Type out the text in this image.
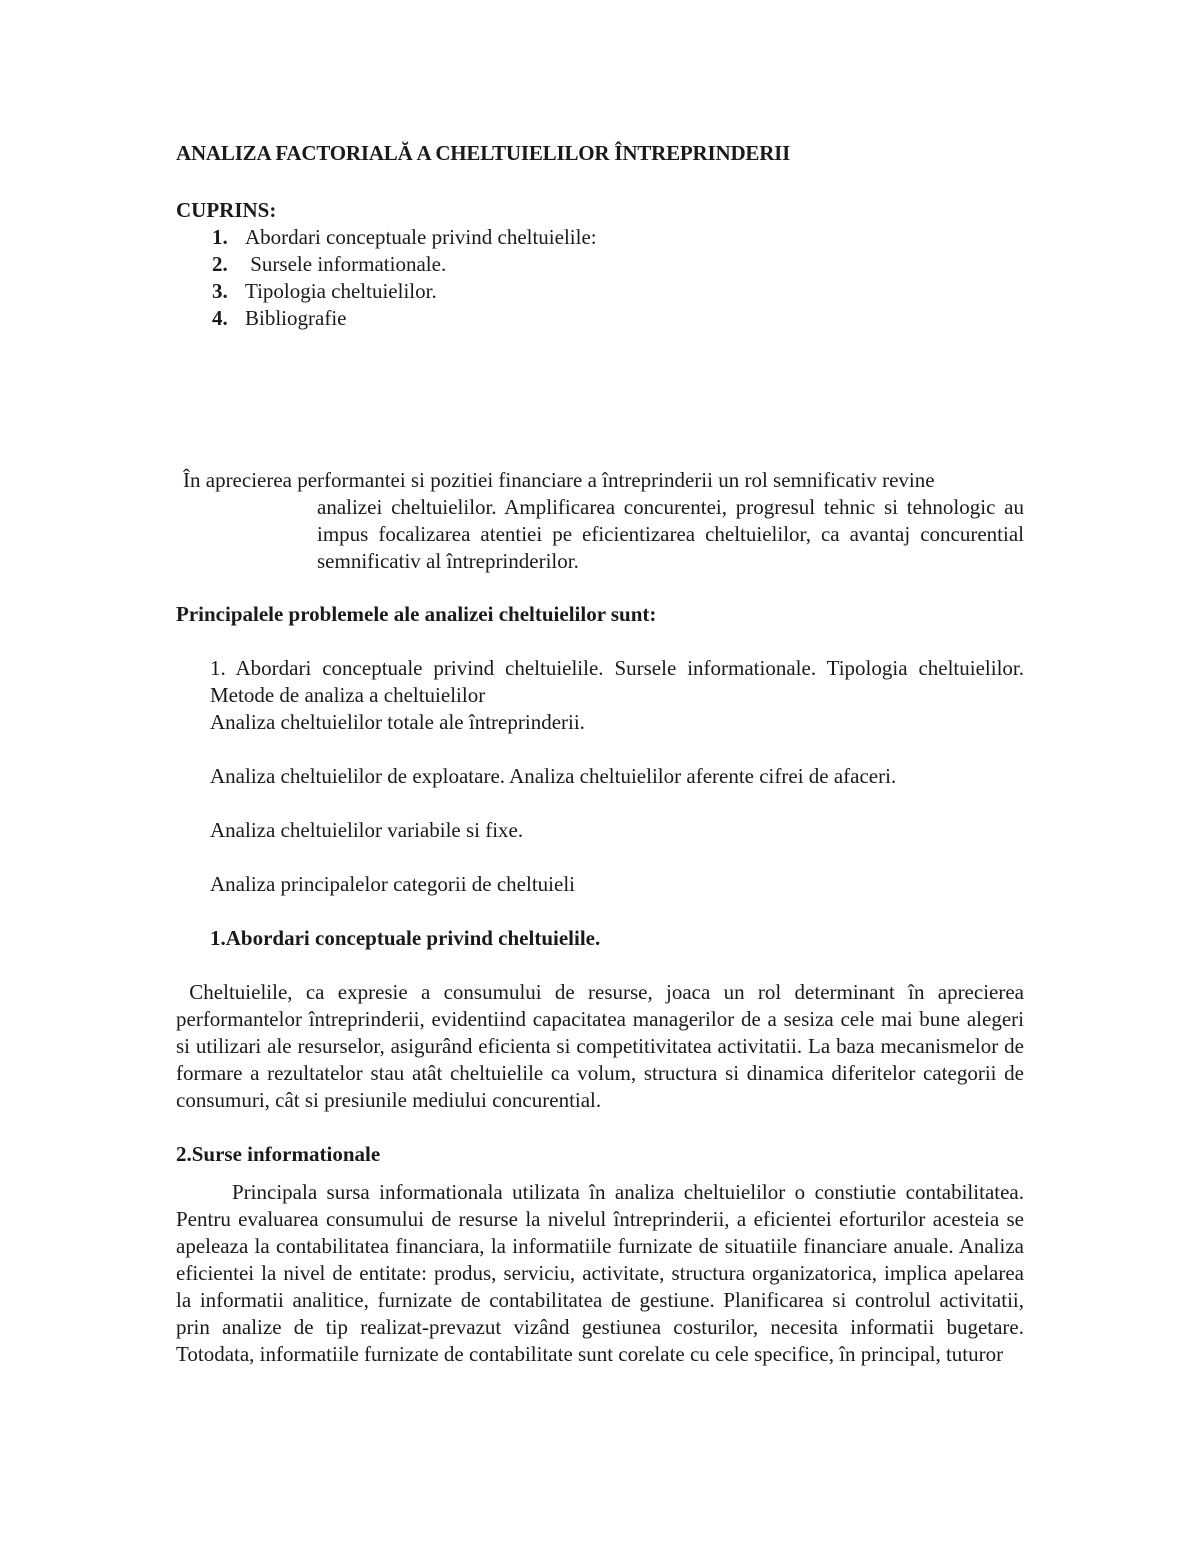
ANALIZA FACTORIALĂ A CHELTUIELILOR ÎNTREPRINDERII
CUPRINS:
1. Abordari conceptuale privind cheltuielile:
2. Sursele informationale.
3. Tipologia cheltuielilor.
4. Bibliografie
În aprecierea performantei si pozitiei financiare a întreprinderii un rol semnificativ revine
analizei cheltuielilor. Amplificarea concurentei, progresul tehnic si tehnologic au impus focalizarea atentiei pe eficientizarea cheltuielilor, ca avantaj concurential semnificativ al întreprinderilor.
Principalele problemele ale analizei cheltuielilor sunt:
1. Abordari conceptuale privind cheltuielile. Sursele informationale. Tipologia cheltuielilor. Metode de analiza a cheltuielilor
Analiza cheltuielilor totale ale întreprinderii.
Analiza cheltuielilor de exploatare. Analiza cheltuielilor aferente cifrei de afaceri.
Analiza cheltuielilor variabile si fixe.
Analiza principalelor categorii de cheltuieli
1.Abordari conceptuale privind cheltuielile.
Cheltuielile, ca expresie a consumului de resurse, joaca un rol determinant în aprecierea performantelor întreprinderii, evidentiind capacitatea managerilor de a sesiza cele mai bune alegeri si utilizari ale resurselor, asigurând eficienta si competitivitatea activitatii. La baza mecanismelor de formare a rezultatelor stau atât cheltuielile ca volum, structura si dinamica diferitelor categorii de consumuri, cât si presiunile mediului concurential.
2.Surse informationale
Principala sursa informationala utilizata în analiza cheltuielilor o constiutie contabilitatea. Pentru evaluarea consumului de resurse la nivelul întreprinderii, a eficientei eforturilor acesteia se apeleaza la contabilitatea financiara, la informatiile furnizate de situatiile financiare anuale. Analiza eficientei la nivel de entitate: produs, serviciu, activitate, structura organizatorica, implica apelarea la informatii analitice, furnizate de contabilitatea de gestiune. Planificarea si controlul activitatii, prin analize de tip realizat-prevazut vizând gestiunea costurilor, necesita informatii bugetare. Totodata, informatiile furnizate de contabilitate sunt corelate cu cele specifice, în principal, tuturor
